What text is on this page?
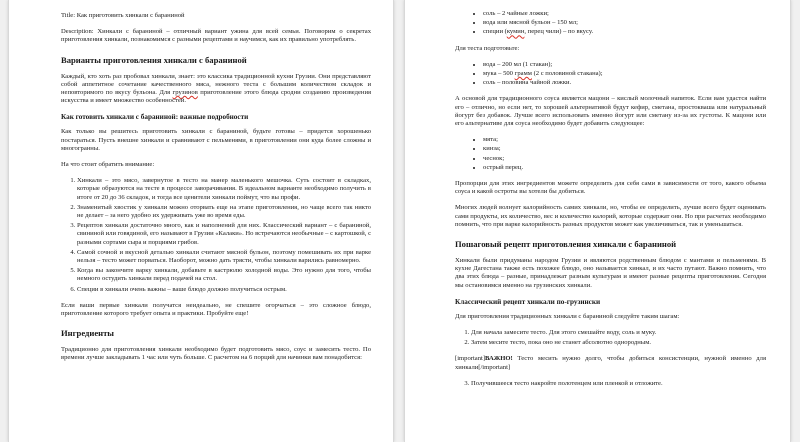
Title: Как приготовить хинкали с бараниной

Description: Хинкали с бараниной – отличный вариант ужина для всей семьи. Поговорим о секретах приготовления хинкали, познакомимся с разными рецептами и научимся, как их правильно употреблять.

Варианты приготовления хинкали с бараниной

Каждый, кто хоть раз пробовал хинкали, знает: это классика традиционной кухни Грузии. Они представляют собой аппетитное сочетание качественного мяса, нежного теста с большим количеством складок и неповторимого по вкусу бульона. Для грузинов приготовление этого блюда сродни созданию произведения искусства и имеет множество особенностей.

Как готовить хинкали с бараниной: важные подробности

Как только вы решитесь приготовить хинкали с бараниной, будьте готовы – придется хорошенько постараться. Пусть внешне хинкали и сравнивают с пельменями, в приготовлении они куда более сложны и многогранны.

На что стоит обратить внимание:

1. Хинкали – это мясо, завернутое в тесто на манер маленького мешочка. Суть состоит в складках, которые образуются на тесте в процессе заворачивания. В идеальном варианте необходимо получить в итоге от 20 до 36 складок, и тогда все ценители хинкали поймут, что вы профи.
2. Знаменитый хвостик у хинкали можно оторвать еще на этапе приготовления, но чаще всего так никто не делает – за него удобно их удерживать уже во время еды.
3. Рецептов хинкали достаточно много, как и наполнений для них. Классический вариант – с бараниной, свининой или говядиной, его называют в Грузии «Калаки». Но встречаются необычные – с картошкой, с разными сортами сыра и порциями грибов.
4. Самой сочной и вкусной деталью хинкали считают мясной бульон, поэтому помешивать их при варке нельзя – тесто может порваться. Наоборот, можно дать трясти, чтобы хинкали варились равномерно.
5. Когда вы закончите варку хинкали, добавьте в кастрюлю холодной воды. Это нужно для того, чтобы немного остудить хинкали перед подачей на стол.
6. Специи в хинкали очень важны – ваше блюдо должно получиться острым.

Если ваши первые хинкали получатся неидеально, не спешите огорчаться – это сложное блюдо, приготовление которого требует опыта и практики. Пробуйте еще!

Ингредиенты

Традиционно для приготовления хинкали необходимо будет подготовить мясо, соус и замесить тесто. По времени лучше закладывать 1 час или чуть больше. С расчетом на 6 порций для начинки вам понадобится:

• соль – 2 чайные ложки;
• вода или мясной бульон – 150 мл;
• специи (кумин, перец чили) – по вкусу.

Для теста подготовьте:

• вода – 200 мл (1 стакан);
• мука – 500 грамм (2 с половиной стакана);
• соль – половина чайной ложки.

А основой для традиционного соуса является мацони – кислый молочный напиток. Если вам удастся найти его – отлично, но если нет, то хорошей альтернативой будут кефир, сметана, простокваша или натуральный йогурт без добавок. Лучше всего использовать именно йогурт или сметану из-за их густоты. К мацони или его альтернативе для соуса необходимо будет добавить следующее:

• мята;
• кинза;
• чеснок;
• острый перец.

Пропорции для этих ингредиентов можете определить для себя сами в зависимости от того, какого объема соуса и какой остроты вы хотели бы добиться.

Многих людей волнует калорийность самих хинкали, но, чтобы ее определить, лучше всего будет оценивать сами продукты, их количество, вес и количество калорий, которые содержат они. Но при расчетах необходимо помнить, что при варке калорийность разных продуктов может как увеличиваться, так и уменьшаться.

Пошаговый рецепт приготовления хинкали с бараниной

Хинкали были придуманы народом Грузии и являются родственным блюдом с мантами и пельменями. В кухне Дагестана также есть похожее блюдо, оно называется хинкал, и их часто путают. Важно помнить, что два этих блюда – разные, принадлежат разным культурам и имеют разные рецепты приготовления. Сегодня мы остановимся именно на грузинских хинкали.

Классический рецепт хинкали по-грузински

Для приготовления традиционных хинкали с бараниной следуйте таким шагам:

1. Для начала замесите тесто. Для этого смешайте воду, соль и муку.
2. Затем месите тесто, пока оно не станет абсолютно однородным.

[important]ВАЖНО! Тесто месить нужно долго, чтобы добиться консистенции, нужной именно для хинкали[/important]

3. Получившееся тесто накройте полотенцем или пленкой и отложите.
